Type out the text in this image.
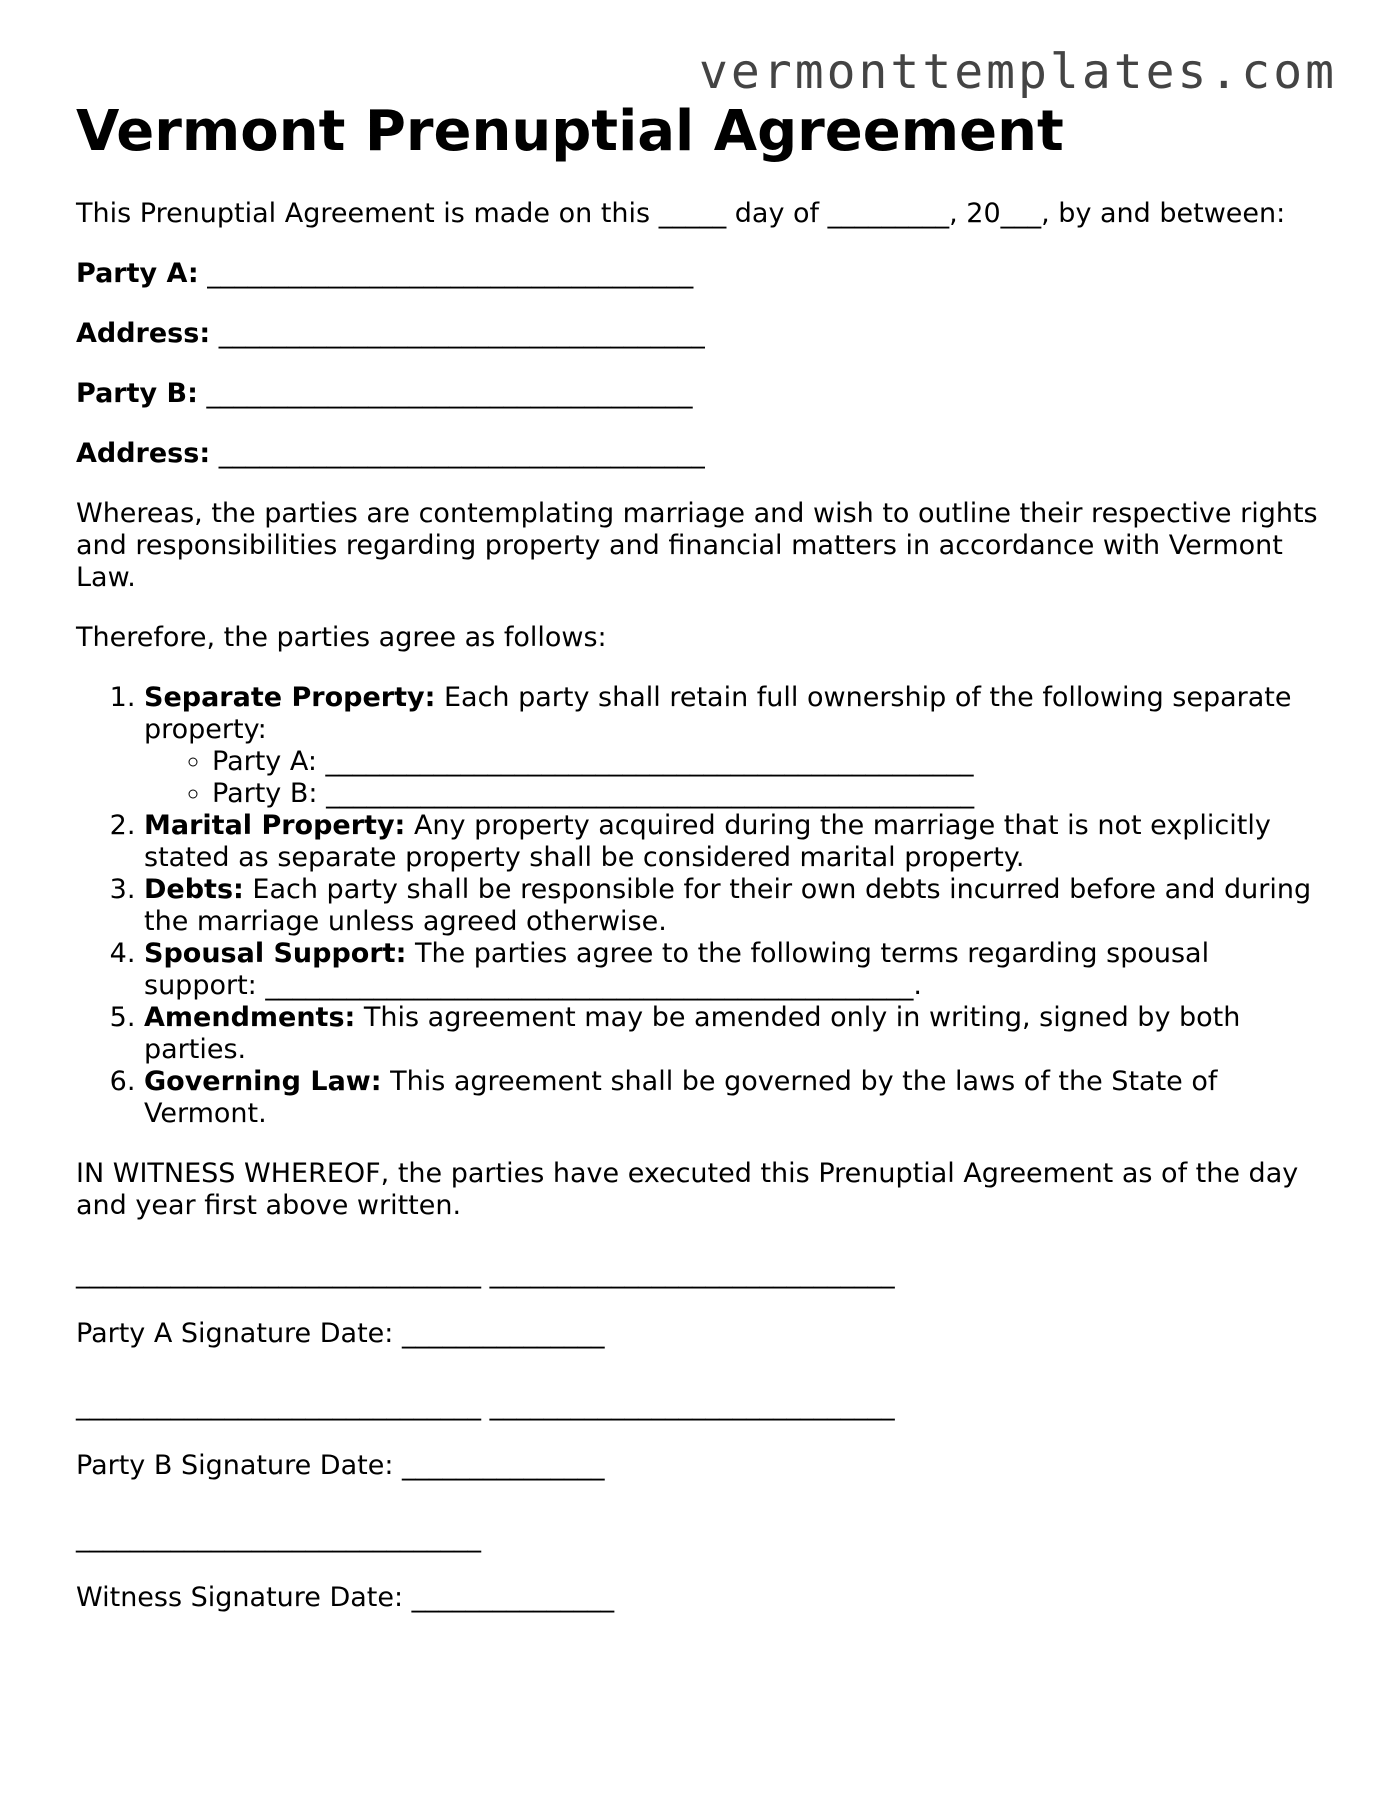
vermonttemplates.com
Vermont Prenuptial Agreement

This Prenuptial Agreement is made on this _____ day of _________, 20___, by and between:

Party A: ____________________________________

Address: ____________________________________

Party B: ____________________________________

Address: ____________________________________

Whereas, the parties are contemplating marriage and wish to outline their respective rights and responsibilities regarding property and financial matters in accordance with Vermont Law.

Therefore, the parties agree as follows:

1. Separate Property: Each party shall retain full ownership of the following separate property:
◦ Party A: ________________________________________________
◦ Party B: ________________________________________________
2. Marital Property: Any property acquired during the marriage that is not explicitly stated as separate property shall be considered marital property.
3. Debts: Each party shall be responsible for their own debts incurred before and during the marriage unless agreed otherwise.
4. Spousal Support: The parties agree to the following terms regarding spousal support: ________________________________________________.
5. Amendments: This agreement may be amended only in writing, signed by both parties.
6. Governing Law: This agreement shall be governed by the laws of the State of Vermont.

IN WITNESS WHEREOF, the parties have executed this Prenuptial Agreement as of the day and year first above written.

______________________________ ______________________________

Party A Signature Date: _______________

______________________________ ______________________________

Party B Signature Date: _______________

______________________________

Witness Signature Date: _______________
